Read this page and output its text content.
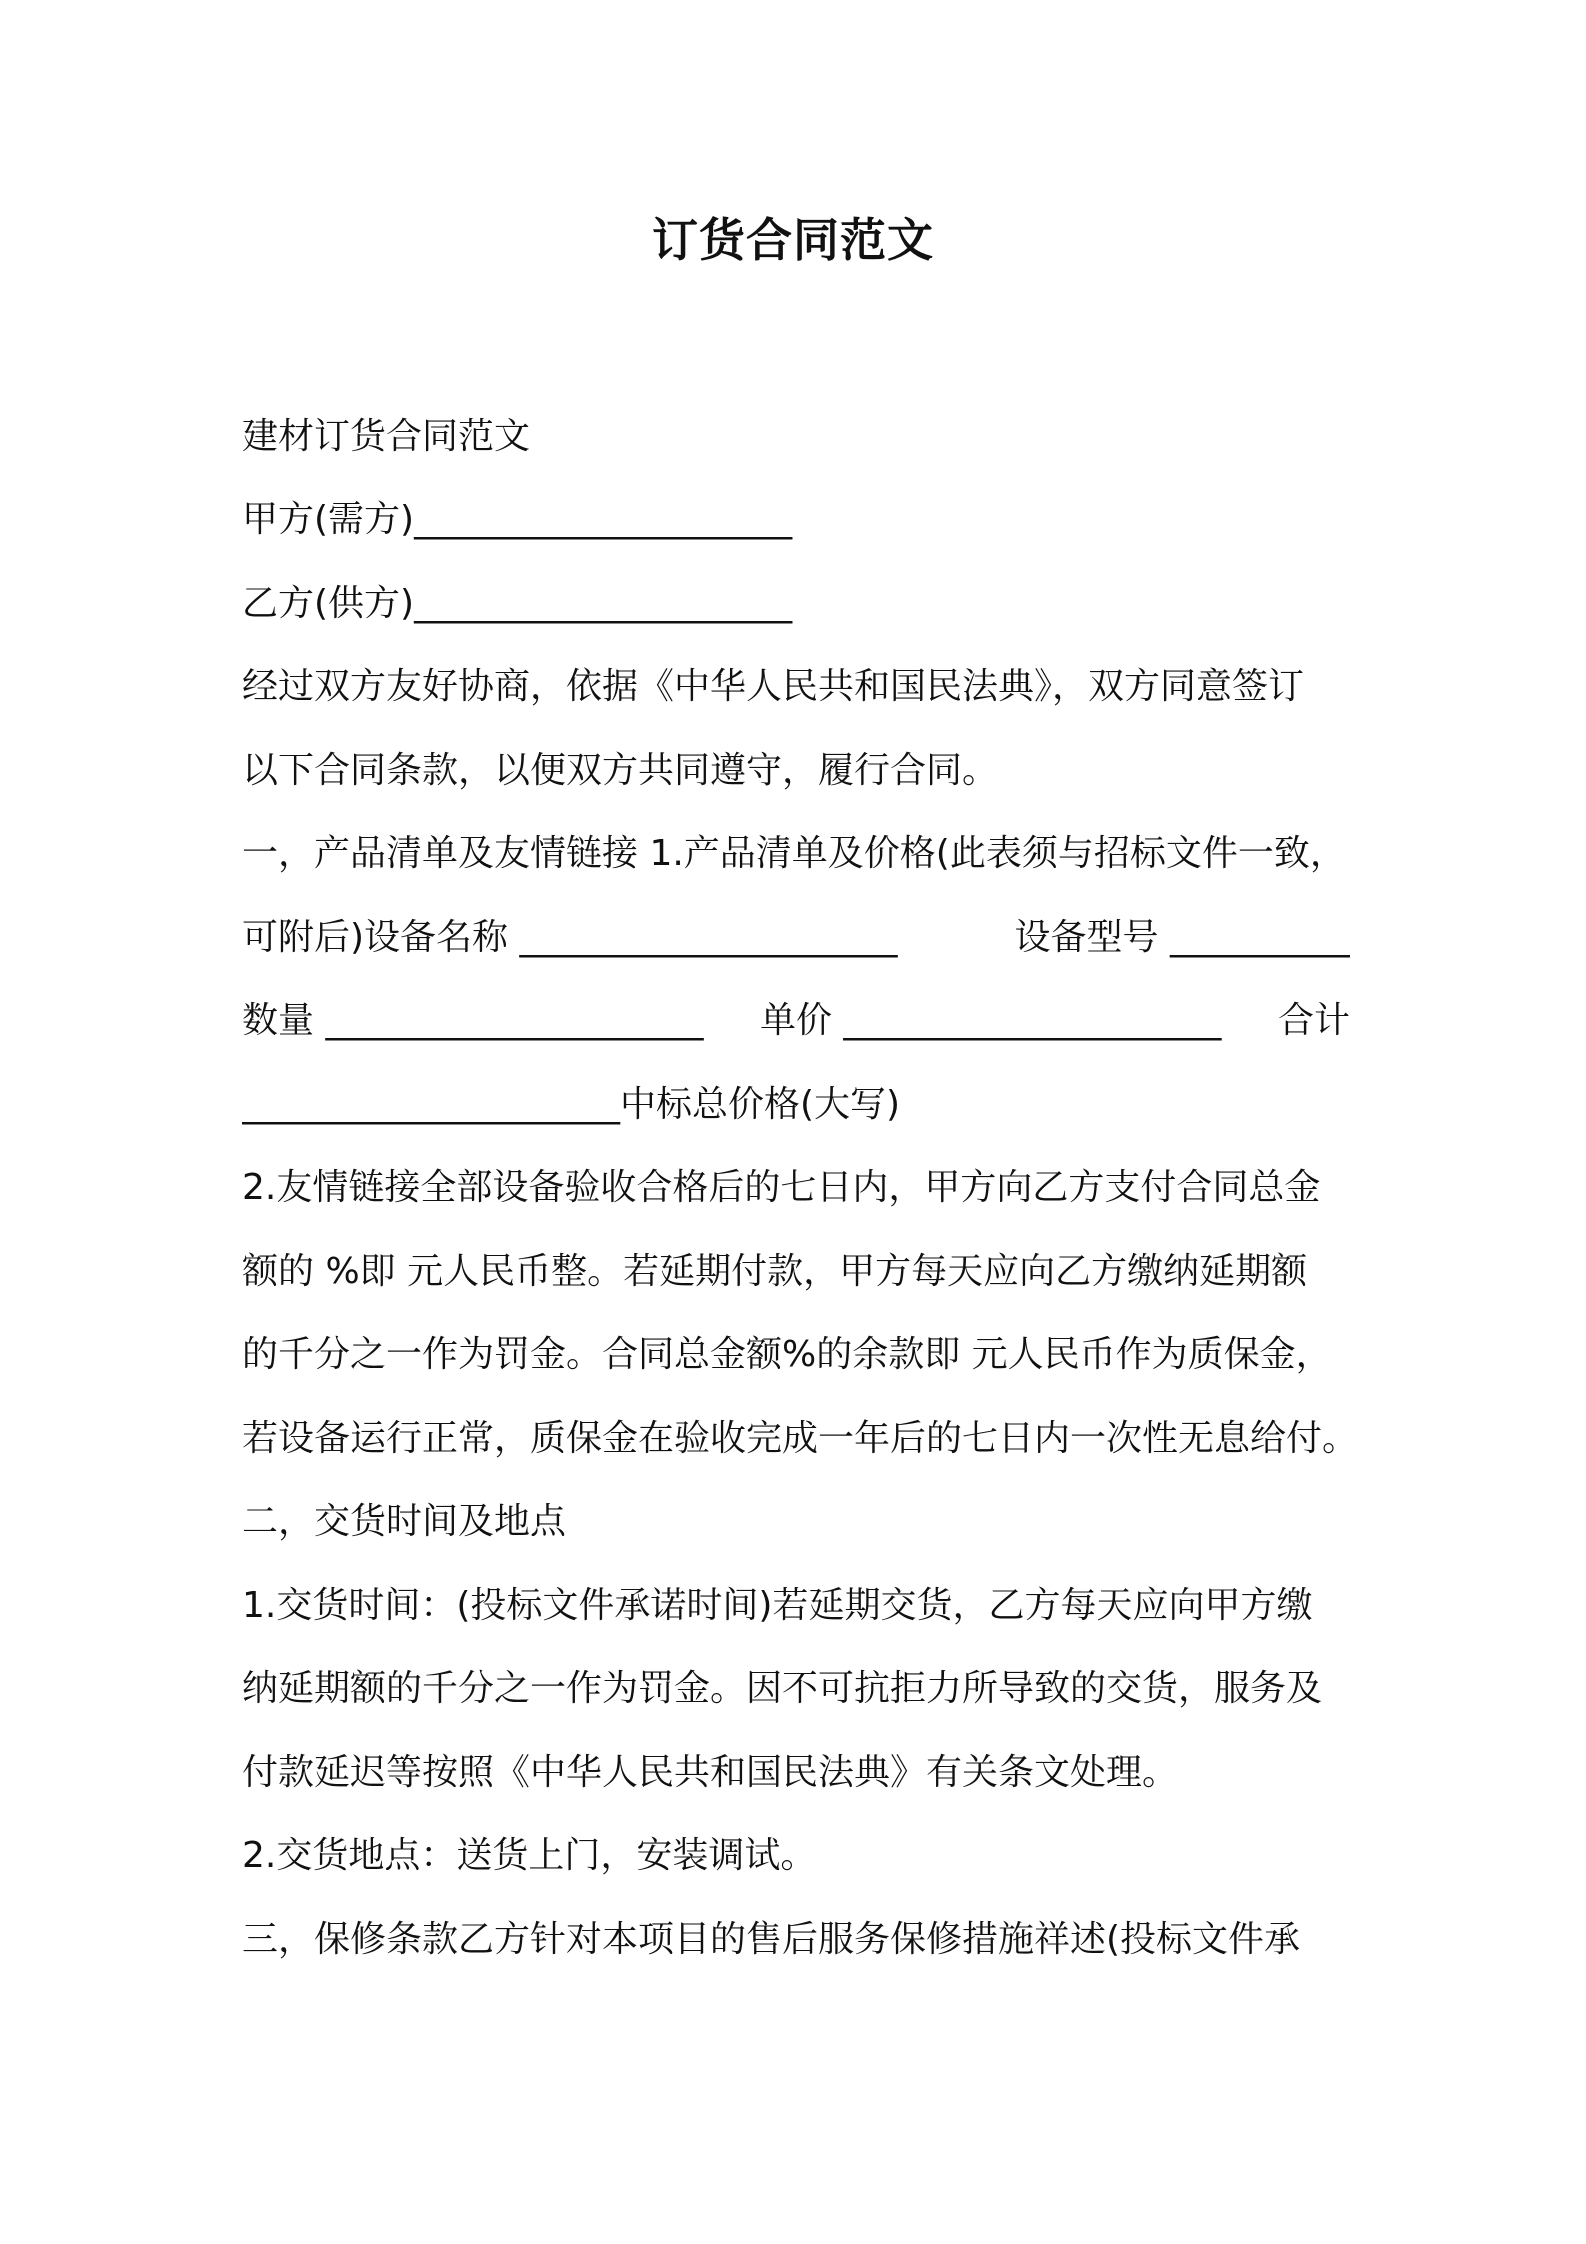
订货合同范文
建材订货合同范文
甲方(需方)_____________________
乙方(供方)_____________________
经过双方友好协商，依据《中华人民共和国民法典》，双方同意签订
以下合同条款，以便双方共同遵守，履行合同。
一，产品清单及友情链接 1.产品清单及价格(此表须与招标文件一致，
可附后)设备名称 _____________________	设备型号 __________
数量 _____________________ 单价 _____________________ 合计
_____________________中标总价格(大写)
2.友情链接全部设备验收合格后的七日内，甲方向乙方支付合同总金
额的 %即 元人民币整。若延期付款，甲方每天应向乙方缴纳延期额
的千分之一作为罚金。合同总金额%的余款即 元人民币作为质保金，
若设备运行正常，质保金在验收完成一年后的七日内一次性无息给付。
二，交货时间及地点
1.交货时间：(投标文件承诺时间)若延期交货，乙方每天应向甲方缴
纳延期额的千分之一作为罚金。因不可抗拒力所导致的交货，服务及
付款延迟等按照《中华人民共和国民法典》有关条文处理。
2.交货地点：送货上门，安装调试。
三，保修条款乙方针对本项目的售后服务保修措施祥述(投标文件承
